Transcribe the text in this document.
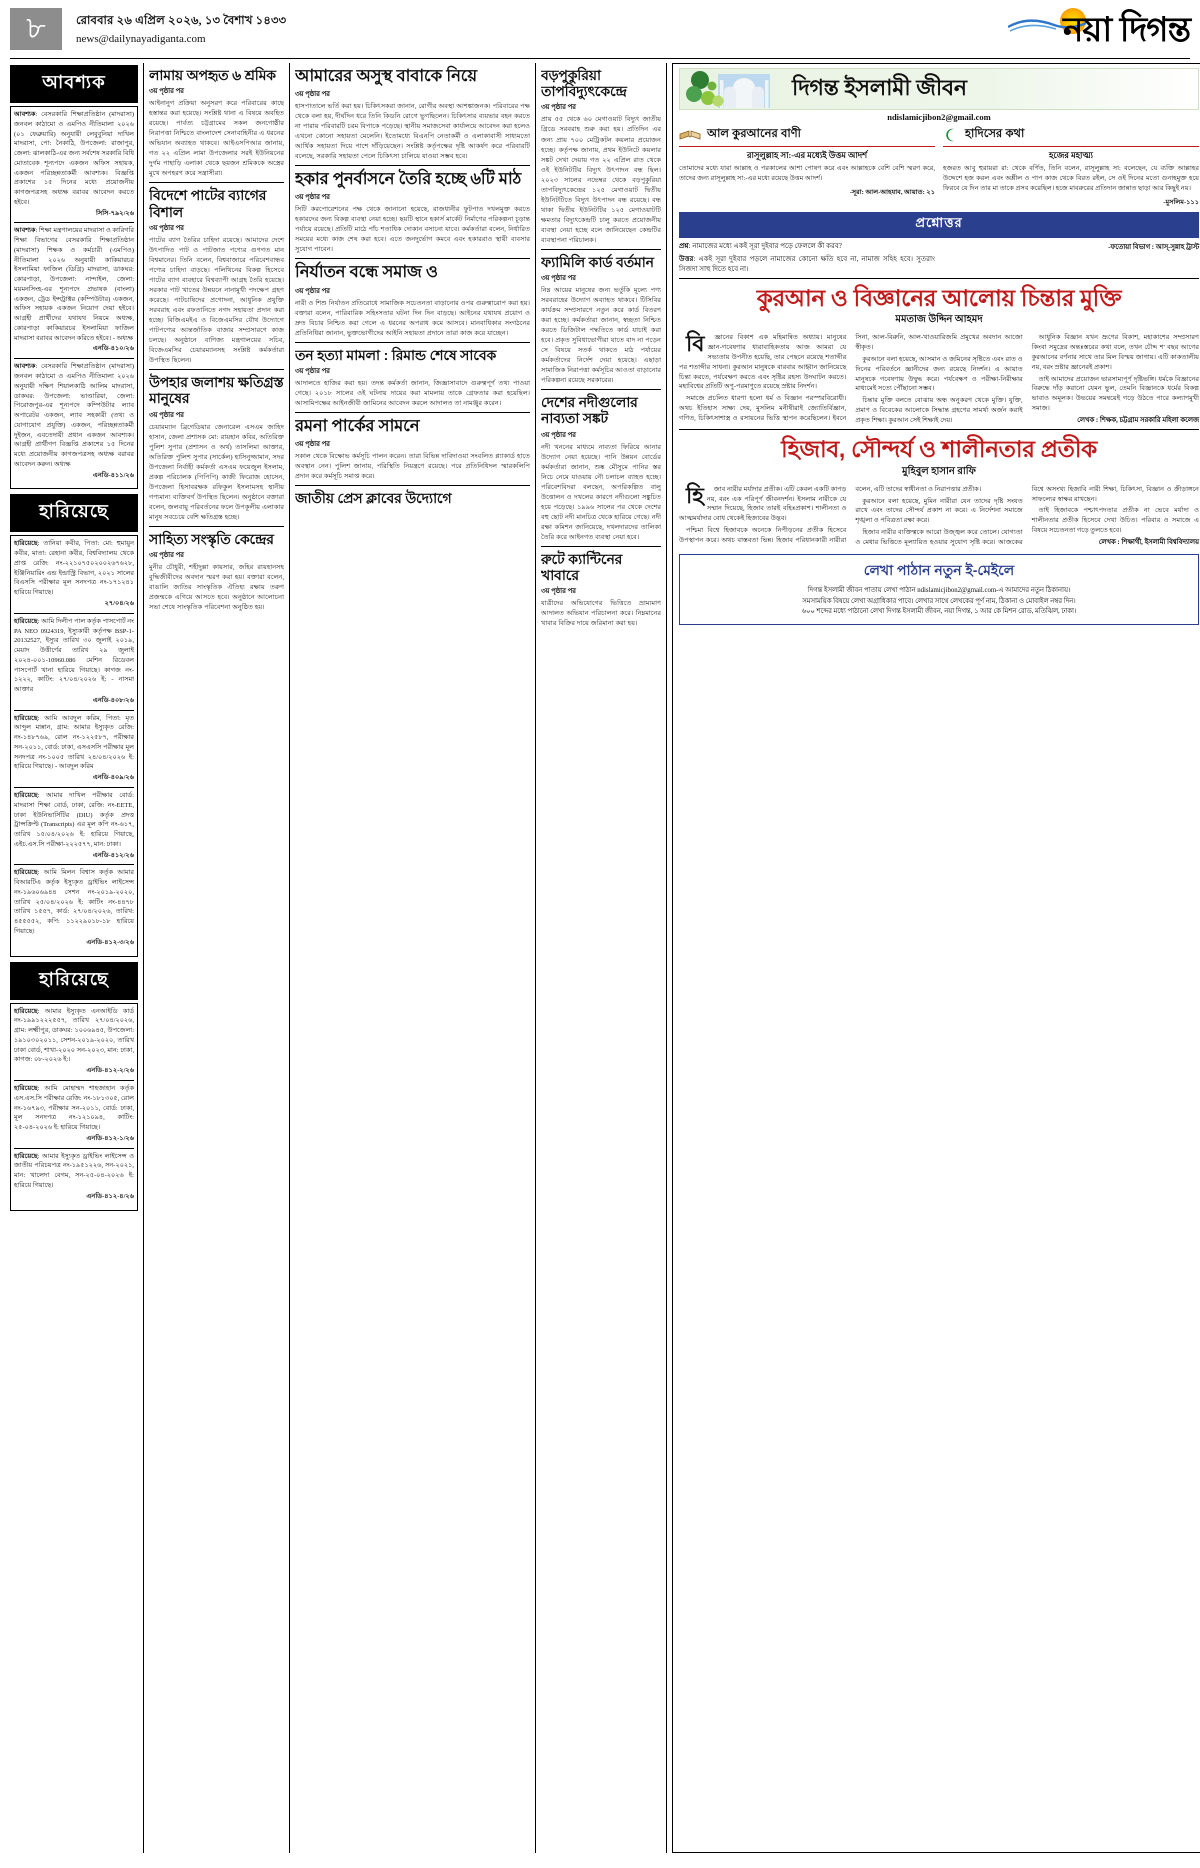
৮	রোববার ২৬ এপ্রিল ২০২৬, ১৩ বৈশাখ ১৪৩৩
news@dailynayadiganta.com	নয়া দিগন্ত
আবশ্যক
আবশ্যক: বেসরকারি শিক্ষাপ্রতিষ্ঠান (মাদরাসা) জনবল কাঠামো ও এমপিও নীতিমালা ২০২৬ (০১ ফেব্রুয়ারি) অনুযায়ী লেবুবুনিয়া দাখিল মাদরাসা, পো: নৈকাঠি, উপজেলা: রাজাপুর, জেলা: ঝালকাঠি-এর জন্য সর্বশেষ সরকারি বিধি মোতাবেক শূন্যপদে একজন অফিস সহায়ক, একজন পরিচ্ছন্নতাকর্মী আবশ্যক। বিজ্ঞপ্তি প্রকাশের ১৫ দিনের মধ্যে প্রয়োজনীয় কাগজপত্রসহ অধ্যক্ষ বরাবর আবেদন করতে হইবে।
সিসি-৭৯২/২৬
আবশ্যক: শিক্ষা মন্ত্রণালয়ের মাদরাসা ও কারিগরি শিক্ষা বিভাগের বেসরকারি শিক্ষাপ্রতিষ্ঠান (মাদরাসা) শিক্ষক ও কর্মচারী (এমপিও) নীতিমালা ২০২৬ অনুযায়ী কাকিয়ারচর ইসলামিয়া ফাজিল (ডিগ্রি) মাদরাসা, ডাকঘর: কোরপাড়া, উপজেলা: নান্দাইল, জেলা: ময়মনসিংহ-এর শূন্যপদে প্রভাষক (বাংলা) একজন, ট্রেড ইন্সট্রাক্টর (কম্পিউটার) একজন, অফিস সহায়ক একজন নিয়োগ দেয়া হইবে। আগ্রহী প্রার্থীদের যথাযথ নিয়মে অধ্যক্ষ, কোরপাড়া কাকিয়ারচর ইসলামিয়া ফাজিল মাদরাসা বরাবর আবেদন করিতে হইবে। - অধ্যক্ষ
এনডি-৪১০/২৬
আবশ্যক: বেসরকারি শিক্ষাপ্রতিষ্ঠান (মাদরাসা) জনবল কাঠামো ও এমপিও নীতিমালা ২০২৬ অনুযায়ী দক্ষিণ শিয়ালকাঠি আলিম মাদরাসা, ডাকঘর: উপজেলা: ভাণ্ডারিয়া, জেলা: পিরোজপুর-এর শূন্যপদে কম্পিউটার ল্যাব অপারেটর একজন, ল্যাব সহকারী (তথ্য ও যোগাযোগ প্রযুক্তি) একজন, পরিচ্ছন্নতাকর্মী দুইজন, এবতেদায়ী প্রধান একজন আবশ্যক। আগ্রহী প্রার্থীগণ বিজ্ঞপ্তি প্রকাশের ১৫ দিনের মধ্যে প্রয়োজনীয় কাগজপত্রসহ অধ্যক্ষ বরাবর আবেদন করুন। অধ্যক্ষ
এনডি-৪১১/২৬
হারিয়েছে
হারিয়েছে: তানিয়া কবীর, পিতা: মো: হুমায়ুন কবীর, মাতা: রেহানা কবীর, বিশ্ববিদ্যালয় থেকে প্রাপ্ত রেজি: নং-২২১০৭৫০২০০২৬৭৬২৮, ইঞ্জিনিয়ারিং এন্ড ইন্ডাস্ট্রি বিভাগ, ২০২১ সালের বিএসসি পরীক্ষার মূল সনদপত্র নং-১৭১২৪১ হারিয়ে গিয়াছে।
২৭/০৪/২৬
হারিয়েছে: আমি দিলীপ পাল কর্তৃক পাসপোর্ট নং PA NEO 0924319, ইস্যুকারী কর্তৃপক্ষ BSP-1-20132527, ইস্যুর তারিখ ৩০ জুলাই ২০১৯, মেয়াদ উত্তীর্ণের তারিখ ২৯ জুলাই ২০২৪-০০১-10960.086 মেশিন রিডেবল পাসপোর্ট খানা হারিয়ে গিয়াছে। কাগজ নং- ১২২২, কাটিং: ২৭/০৪/২০২৬ ই: - নাসমা আক্তার
এনডি-৪০৮/২৬
হারিয়েছে: আমি আবদুল করিম, পিতা: মৃত আব্দুল মান্নান, গ্রাম: আমার ইস্যুকৃত রেজি: নং-১৪৮৭৬৯, রোল নং-১২২৫৮৭, পরীক্ষার সন-২০১১, বোর্ড: ঢাকা, এসএসসি পরীক্ষার মূল সনদপত্র নং-১০০৫ তারিখ ২৪/০৪/২০২৬ ই: হারিয়ে গিয়াছে। - আবদুল করিম
এনডি-৪০৯/২৬
হারিয়েছে: আমার দাখিল পরীক্ষার বোর্ড: মাদরাসা শিক্ষা বোর্ড, ঢাকা, রেজি: নং-EETE, ঢাকা ইউনিভার্সিটির (DIU) কর্তৃক প্রদত্ত ট্রান্সক্রিপ্ট (Transcripts) এর মূল কপি নং-৬১৭, তারিখ ১৫/০৪/২০২৬ ই: হারিয়ে গিয়াছে, এইচ.এস.সি পরীক্ষা-২২২৫৭৭, মান: ঢাকা।
এনডি-৪১২/২৬
হারিয়েছে: আমি মিলন বিশ্বাস কর্তৃক আমার বিআরটিএ কর্তৃক ইস্যুকৃত ড্রাইভিং লাইসেন্স নং-১৯৬০৬৯৪৪ সেশন নং-২০১৯-২০২০, তারিখ ২৫/০৪/২০২৬ ই: কাটিং নং-৪৪৭৮ তারিখ ১৫৫৭, কার্ড: ২৭/০৪/২০২৬, তারিখ: ৪৫৫৫৫২, কপি: ১১২২৯০১৮-১৮ হারিয়ে গিয়াছে।
এনডি-৪১২-৩/২৬
হারিয়েছে
হারিয়েছে: আমার ইস্যুকৃত এনআইডি কার্ড নং-১৯৯১২২২৫৫৭, তারিখ ২৭/০৪/২০২৬, গ্রাম: লক্ষ্মীপুর, ডাকঘর: ১০০৬৯৪৫, উপজেলা: ১৯১০৩০২০১১, সেশন-২০১৯-২০২০, তারিখ ঢাকা বোর্ড, শাখা-২০২০ সন-২০২৩, মান: ঢাকা, কাগজ: ০৮-২০২৬ ই:।
এনডি-৪১২-২/২৬
হারিয়েছে: আমি মোহাম্মদ শাহজাহান কর্তৃক এস.এস.সি পরীক্ষার রেজি: নং-১৮১৩০৫, রোল নং-১৬৭৯৩, পরীক্ষার সন-২০১১, বোর্ড: ঢাকা, মূল সনদপত্র নং-১২১০৯৪, কাটিং: ২৫-০৪-২০২৬ ই: হারিয়ে গিয়াছে।
এনডি-৪১২-১/২৬
হারিয়েছে: আমার ইস্যুকৃত ড্রাইভিং লাইসেন্স ও জাতীয় পরিচয়পত্র নং-১৯৫১২২৬, সন-২০২১, মান: খালেদা বেগম, সন-২৫-০৪-২০২৬ ই: হারিয়ে গিয়াছে।
এনডি-৪১২-৪/২৬
লামায় অপহৃত ৬ শ্রমিক
৩য় পৃষ্ঠার পর
আইনানুগ প্রক্রিয়া অনুসরণ করে পরিবারের কাছে হস্তান্তর করা হয়েছে। সংশ্লিষ্ট থানা এ বিষয়ে অবহিত রয়েছে। পার্বত্য চট্টগ্রামের সকল জনগোষ্ঠীর নিরাপত্তা নিশ্চিতে বাংলাদেশ সেনাবাহিনীর এ ধরনের অভিযান অব্যাহত থাকবে। আইএসপিআর জানায়, গত ২২ এপ্রিল লামা উপজেলার সরই ইউনিয়নের দুর্গম পাহাড়ি এলাকা থেকে ছয়জন শ্রমিককে অস্ত্রের মুখে অপহরণ করে সন্ত্রাসীরা।
বিদেশে পাটের ব্যাগের বিশাল
৩য় পৃষ্ঠার পর
পাটের ব্যাগ তৈরির চাহিদা রয়েছে। আমাদের দেশে উৎপাদিত পাট ও পাটজাত পণ্যের গুণগত মান বিশ্বমানের। তিনি বলেন, বিশ্ববাজারে পরিবেশবান্ধব পণ্যের চাহিদা বাড়ছে। পলিথিনের বিকল্প হিসেবে পাটের ব্যাগ ব্যবহারে বিশ্বব্যাপী আগ্রহ তৈরি হয়েছে। সরকার পাট খাতের উন্নয়নে নানামুখী পদক্ষেপ গ্রহণ করেছে। পাটচাষিদের প্রণোদনা, আধুনিক প্রযুক্তি সরবরাহ এবং রফতানিতে নগদ সহায়তা প্রদান করা হচ্ছে। বিজিএমইএ ও বিজেএমসির যৌথ উদ্যোগে পাটপণ্যের আন্তর্জাতিক বাজার সম্প্রসারণে কাজ চলছে। অনুষ্ঠানে বাণিজ্য মন্ত্রণালয়ের সচিব, বিজেএমসির চেয়ারম্যানসহ সংশ্লিষ্ট কর্মকর্তারা উপস্থিত ছিলেন।
উপহার জলাশয় ক্ষতিগ্রস্ত মানুষের
৩য় পৃষ্ঠার পর
চেয়ারম্যান ব্রিগেডিয়ার জেনারেল এসএম জাহিদ হাসান, জেলা প্রশাসক মো: রায়হান কবির, অতিরিক্ত পুলিশ সুপার (প্রশাসন ও অর্থ) তাসলিমা আক্তার, অতিরিক্ত পুলিশ সুপার (সার্কেল) হাসিনুজ্জামান, সদর উপজেলা নির্বাহী কর্মকর্তা এসএম ফয়েজুল ইসলাম, প্রকল্প পরিচালক (পিপিপি) কাজী ফিরোজ হোসেন, উপজেলা হিসাবরক্ষক রফিকুল ইসলামসহ স্থানীয় গণ্যমান্য ব্যক্তিবর্গ উপস্থিত ছিলেন। অনুষ্ঠানে বক্তারা বলেন, জলবায়ু পরিবর্তনের ফলে উপকূলীয় এলাকার মানুষ সবচেয়ে বেশি ক্ষতিগ্রস্ত হচ্ছে।
সাহিত্য সংস্কৃতি কেন্দ্রের
৩য় পৃষ্ঠার পর
মুনীর চৌধুরী, শহীদুল্লা কায়সার, জহির রায়হানসহ বুদ্ধিজীবীদের অবদান স্মরণ করা হয়। বক্তারা বলেন, বাঙালি জাতির সাংস্কৃতিক ঐতিহ্য রক্ষায় তরুণ প্রজন্মকে এগিয়ে আসতে হবে। অনুষ্ঠানে আলোচনা সভা শেষে সাংস্কৃতিক পরিবেশনা অনুষ্ঠিত হয়।
আমারের অসুস্থ বাবাকে নিয়ে
৩য় পৃষ্ঠার পর
হাসপাতালে ভর্তি করা হয়। চিকিৎসকরা জানান, রোগীর অবস্থা আশঙ্কাজনক। পরিবারের পক্ষ থেকে বলা হয়, দীর্ঘদিন ধরে তিনি কিডনি রোগে ভুগছিলেন। চিকিৎসার ব্যয়ভার বহন করতে না পারায় পরিবারটি চরম বিপাকে পড়েছে। স্থানীয় সমাজসেবা কার্যালয়ে আবেদন করা হলেও এখনো কোনো সহায়তা মেলেনি। ইতোমধ্যে বিএনপি নেতাকর্মী ও এলাকাবাসী সাধ্যমতো আর্থিক সহায়তা দিয়ে পাশে দাঁড়িয়েছেন। সংশ্লিষ্ট কর্তৃপক্ষের দৃষ্টি আকর্ষণ করে পরিবারটি বলেছে, সরকারি সহায়তা পেলে চিকিৎসা চালিয়ে যাওয়া সম্ভব হবে।
হকার পুনর্বাসনে তৈরি হচ্ছে ৬টি মাঠ
৩য় পৃষ্ঠার পর
সিটি করপোরেশনের পক্ষ থেকে জানানো হয়েছে, রাজধানীর ফুটপাত দখলমুক্ত করতে হকারদের জন্য বিকল্প ব্যবস্থা নেয়া হচ্ছে। ছয়টি স্থানে হকার্স মার্কেট নির্মাণের পরিকল্পনা চূড়ান্ত পর্যায়ে রয়েছে। প্রতিটি মাঠে পাঁচ শতাধিক দোকান বসানো যাবে। কর্মকর্তারা বলেন, নির্ধারিত সময়ের মধ্যে কাজ শেষ করা হবে। এতে জনদুর্ভোগ কমবে এবং হকাররাও স্থায়ী ব্যবসার সুযোগ পাবেন।
নির্যাতন বন্ধে সমাজ ও
৩য় পৃষ্ঠার পর
নারী ও শিশু নির্যাতন প্রতিরোধে সামাজিক সচেতনতা বাড়ানোর ওপর গুরুত্বারোপ করা হয়। বক্তারা বলেন, পারিবারিক সহিংসতার ঘটনা দিন দিন বাড়ছে। আইনের যথাযথ প্রয়োগ ও দ্রুত বিচার নিশ্চিত করা গেলে এ ধরনের অপরাধ কমে আসবে। মানবাধিকার সংগঠনের প্রতিনিধিরা জানান, ভুক্তভোগীদের আইনি সহায়তা প্রদানে তারা কাজ করে যাচ্ছেন।
তন হত্যা মামলা : রিমান্ড শেষে সাবেক
৩য় পৃষ্ঠার পর
আদালতে হাজির করা হয়। তদন্ত কর্মকর্তা জানান, জিজ্ঞাসাবাদে গুরুত্বপূর্ণ তথ্য পাওয়া গেছে। ২০১৮ সালের ওই ঘটনায় দায়ের করা মামলায় তাকে গ্রেফতার করা হয়েছিল। আসামিপক্ষের আইনজীবী জামিনের আবেদন করলে আদালত তা নামঞ্জুর করেন।
রমনা পার্কের সামনে
৩য় পৃষ্ঠার পর
সকাল থেকে বিক্ষোভ কর্মসূচি পালন করেন। তারা বিভিন্ন দাবিদাওয়া সংবলিত প্ল্যাকার্ড হাতে অবস্থান নেন। পুলিশ জানায়, পরিস্থিতি নিয়ন্ত্রণে রয়েছে। পরে প্রতিনিধিদল স্মারকলিপি প্রদান করে কর্মসূচি সমাপ্ত করে।
জাতীয় প্রেস ক্লাবের উদ্যোগে
বড়পুকুরিয়া তাপবিদ্যুৎকেন্দ্রে
৩য় পৃষ্ঠার পর
প্রায় ৫৫ থেকে ৬০ মেগাওয়াট বিদ্যুৎ জাতীয় গ্রিডে সরবরাহ শুরু করা হয়। প্রতিদিন এর জন্য প্রায় ৭০০ মেট্রিকটন কয়লার প্রয়োজন হচ্ছে। কর্তৃপক্ষ জানায়, প্রথম ইউনিটে কয়লার সঙ্কট দেখা দেয়ায় গত ২২ এপ্রিল রাত থেকে ওই ইউনিটটির বিদ্যুৎ উৎপাদন বন্ধ ছিল। ২০২৩ সালের নভেম্বর থেকে বড়পুকুরিয়া তাপবিদ্যুৎকেন্দ্রের ১২৫ মেগাওয়াট দ্বিতীয় ইউনিটটিতে বিদ্যুৎ উৎপাদন বন্ধ রয়েছে। বন্ধ থাকা দ্বিতীয় ইউনিটটির ১২৫ মেগাওয়াটটি ক্ষমতার বিদ্যুৎকেন্দ্রটি চালু করতে প্রয়োজনীয় ব্যবস্থা নেয়া হচ্ছে বলে জানিয়েছেন কেন্দ্রটির ব্যবস্থাপনা পরিচালক।
ফ্যামিলি কার্ড বর্তমান
৩য় পৃষ্ঠার পর
নিম্ন আয়ের মানুষের জন্য ভর্তুকি মূল্যে পণ্য সরবরাহের উদ্যোগ অব্যাহত থাকবে। টিসিবির কার্যক্রম সম্প্রসারণে নতুন করে কার্ড বিতরণ করা হচ্ছে। কর্মকর্তারা জানান, স্বচ্ছতা নিশ্চিত করতে ডিজিটাল পদ্ধতিতে কার্ড যাচাই করা হবে। প্রকৃত সুবিধাভোগীরা যাতে বাদ না পড়েন সে বিষয়ে সতর্ক থাকতে মাঠ পর্যায়ের কর্মকর্তাদের নির্দেশ দেয়া হয়েছে। এছাড়া সামাজিক নিরাপত্তা কর্মসূচির আওতা বাড়ানোর পরিকল্পনা রয়েছে সরকারের।
দেশের নদীগুলোর নাব্যতা সঙ্কট
৩য় পৃষ্ঠার পর
নদী খননের মাধ্যমে নাব্যতা ফিরিয়ে আনার উদ্যোগ নেয়া হয়েছে। পানি উন্নয়ন বোর্ডের কর্মকর্তারা জানান, শুষ্ক মৌসুমে পানির স্তর নিচে নেমে যাওয়ায় নৌ চলাচল ব্যাহত হচ্ছে। পরিবেশবিদরা বলছেন, অপরিকল্পিত বালু উত্তোলন ও দখলের কারণে নদীগুলো সঙ্কুচিত হয়ে পড়েছে। ১৯৯৬ সালের পর থেকে দেশের বহু ছোট নদী মানচিত্র থেকে হারিয়ে গেছে। নদী রক্ষা কমিশন জানিয়েছে, দখলদারদের তালিকা তৈরি করে আইনগত ব্যবস্থা নেয়া হবে।
রুটে ক্যান্টিনের খাবারে
৩য় পৃষ্ঠার পর
যাত্রীদের অভিযোগের ভিত্তিতে ভ্রাম্যমাণ আদালত অভিযান পরিচালনা করে। নিম্নমানের খাবার বিক্রির দায়ে জরিমানা করা হয়।
দিগন্ত ইসলামী জীবন
ndislamicjibon2@gmail.com
আল কুরআনের বাণী
রাসূলুল্লাহ সা:-এর মধ্যেই উত্তম আদর্শ
তোমাদের মধ্যে যারা আল্লাহ ও পরকালের আশা পোষণ করে এবং আল্লাহকে বেশি বেশি স্মরণ করে, তাদের জন্য রাসূলুল্লাহ সা:-এর মধ্যে রয়েছে উত্তম আদর্শ।
-সূরা: আল-আহযাব, আয়াত: ২১
হাদিসের কথা
হজের মহাত্ম্য
হজরত আবু হুরায়রা রা: থেকে বর্ণিত, তিনি বলেন, রাসূলুল্লাহ সা: বলেছেন, যে ব্যক্তি আল্লাহর উদ্দেশে হজ করল এবং অশ্লীল ও পাপ কাজ থেকে বিরত রইল, সে ওই দিনের মতো গুনাহমুক্ত হয়ে ফিরবে যে দিন তার মা তাকে প্রসব করেছিল। হজে মাবরুরের প্রতিদান জান্নাত ছাড়া আর কিছুই নয়।
-মুসলিম-১১১
প্রশ্নোত্তর
প্রশ্ন: নামাজের মধ্যে একই সূরা দুইবার পড়ে ফেললে কী করব?
উত্তর: একই সূরা দুইবার পড়লে নামাজের কোনো ক্ষতি হবে না, নামাজ সহিহ হবে। সুতরাং সিজদা সাহু দিতে হবে না।
-ফতোয়া বিভাগ : আস্-সুন্নাহ ট্রাস্ট
কুরআন ও বিজ্ঞানের আলোয় চিন্তার মুক্তি
মমতাজ উদ্দিন আহমদ

বিজ্ঞানের বিকাশ এক মহিমান্বিত অধ্যায়। মানুষের জ্ঞান-গবেষণার ধারাবাহিকতায় আজ আমরা যে সভ্যতায় উপনীত হয়েছি, তার পেছনে রয়েছে শতাব্দীর পর শতাব্দীর সাধনা। কুরআন মানুষকে বারবার আহ্বান জানিয়েছে চিন্তা করতে, পর্যবেক্ষণ করতে এবং সৃষ্টির রহস্য উদঘাটন করতে। মহাবিশ্বের প্রতিটি অণু-পরমাণুতে রয়েছে স্রষ্টার নিদর্শন।

সমাজে প্রচলিত ধারণা হলো ধর্ম ও বিজ্ঞান পরস্পরবিরোধী। অথচ ইতিহাস সাক্ষ্য দেয়, মুসলিম মনীষীরাই জ্যোতির্বিজ্ঞান, গণিত, চিকিৎসাশাস্ত্র ও রসায়নের ভিত্তি স্থাপন করেছিলেন। ইবনে সিনা, আল-বিরুনি, আল-খাওয়ারিজমি প্রমুখের অবদান আজো স্বীকৃত।

কুরআনে বলা হয়েছে, আসমান ও জমিনের সৃষ্টিতে এবং রাত ও দিনের পরিবর্তনে জ্ঞানীদের জন্য রয়েছে নিদর্শন। এ আয়াত মানুষকে গবেষণায় উদ্বুদ্ধ করে। পর্যবেক্ষণ ও পরীক্ষা-নিরীক্ষার মাধ্যমেই সত্যে পৌঁছানো সম্ভব।

চিন্তার মুক্তি বলতে বোঝায় অন্ধ অনুকরণ থেকে মুক্তি। যুক্তি, প্রমাণ ও বিবেকের আলোকে সিদ্ধান্ত গ্রহণের সামর্থ্য অর্জন করাই প্রকৃত শিক্ষা। কুরআন সেই শিক্ষাই দেয়।

আধুনিক বিজ্ঞান যখন ভ্রূণের বিকাশ, মহাকাশের সম্প্রসারণ কিংবা সমুদ্রের অন্তঃস্তরের কথা বলে, তখন চৌদ্দ শ' বছর আগের কুরআনের বর্ণনার সাথে তার মিল বিস্ময় জাগায়। এটি কাকতালীয় নয়, বরং স্রষ্টার জ্ঞানেরই প্রকাশ।

তাই আমাদের প্রয়োজন ভারসাম্যপূর্ণ দৃষ্টিভঙ্গি। ধর্মকে বিজ্ঞানের বিরুদ্ধে দাঁড় করানো যেমন ভুল, তেমনি বিজ্ঞানকে ধর্মের বিকল্প ভাবাও অমূলক। উভয়ের সমন্বয়েই গড়ে উঠতে পারে কল্যাণমুখী সমাজ।

লেখক : শিক্ষক, চট্টগ্রাম সরকারি মহিলা কলেজ
হিজাব, সৌন্দর্য ও শালীনতার প্রতীক
মুহিবুল হাসান রাফি

হিজাব নারীর মর্যাদার প্রতীক। এটি কেবল একটি কাপড় নয়, বরং এক পরিপূর্ণ জীবনদর্শন। ইসলাম নারীকে যে সম্মান দিয়েছে, হিজাব তারই বহিঃপ্রকাশ। শালীনতা ও আত্মমর্যাদার বোধ থেকেই হিজাবের উদ্ভব।

পশ্চিমা বিশ্বে হিজাবকে অনেকে নিপীড়নের প্রতীক হিসেবে উপস্থাপন করে। অথচ বাস্তবতা ভিন্ন। হিজাব পরিধানকারী নারীরা বলেন, এটি তাদের স্বাধীনতা ও নিরাপত্তার প্রতীক।

কুরআনে বলা হয়েছে, মুমিন নারীরা যেন তাদের দৃষ্টি সংযত রাখে এবং তাদের সৌন্দর্য প্রকাশ না করে। এ নির্দেশনা সমাজে শৃঙ্খলা ও পবিত্রতা রক্ষা করে।

হিজাব নারীর ব্যক্তিত্বকে আরো উজ্জ্বল করে তোলে। যোগ্যতা ও মেধার ভিত্তিতে মূল্যায়িত হওয়ার সুযোগ সৃষ্টি করে। আজকের বিশ্বে অসংখ্য হিজাবি নারী শিক্ষা, চিকিৎসা, বিজ্ঞান ও ক্রীড়াঙ্গনে সাফল্যের স্বাক্ষর রাখছেন।

তাই হিজাবকে পশ্চাৎপদতার প্রতীক না ভেবে মর্যাদা ও শালীনতার প্রতীক হিসেবে দেখা উচিত। পরিবার ও সমাজে এ বিষয়ে সচেতনতা গড়ে তুলতে হবে।

লেখক : শিক্ষার্থী, ইসলামী বিশ্ববিদ্যালয়
লেখা পাঠান নতুন ই-মেইলে
দিগন্ত ইসলামী জীবন পাতায় লেখা পাঠান ndislamicjibon2@gmail.com-এ আমাদের নতুন ঠিকানায়।
সমসাময়িক বিষয়ে লেখা অগ্রাধিকার পাবে। লেখার সাথে লেখকের পূর্ণ নাম, ঠিকানা ও মোবাইল নম্বর দিন।
৬০০ শব্দের মধ্যে পাঠানো লেখা দিগন্ত ইসলামী জীবন, নয়া দিগন্ত, ১ আর কে মিশন রোড, মতিঝিল, ঢাকা।
